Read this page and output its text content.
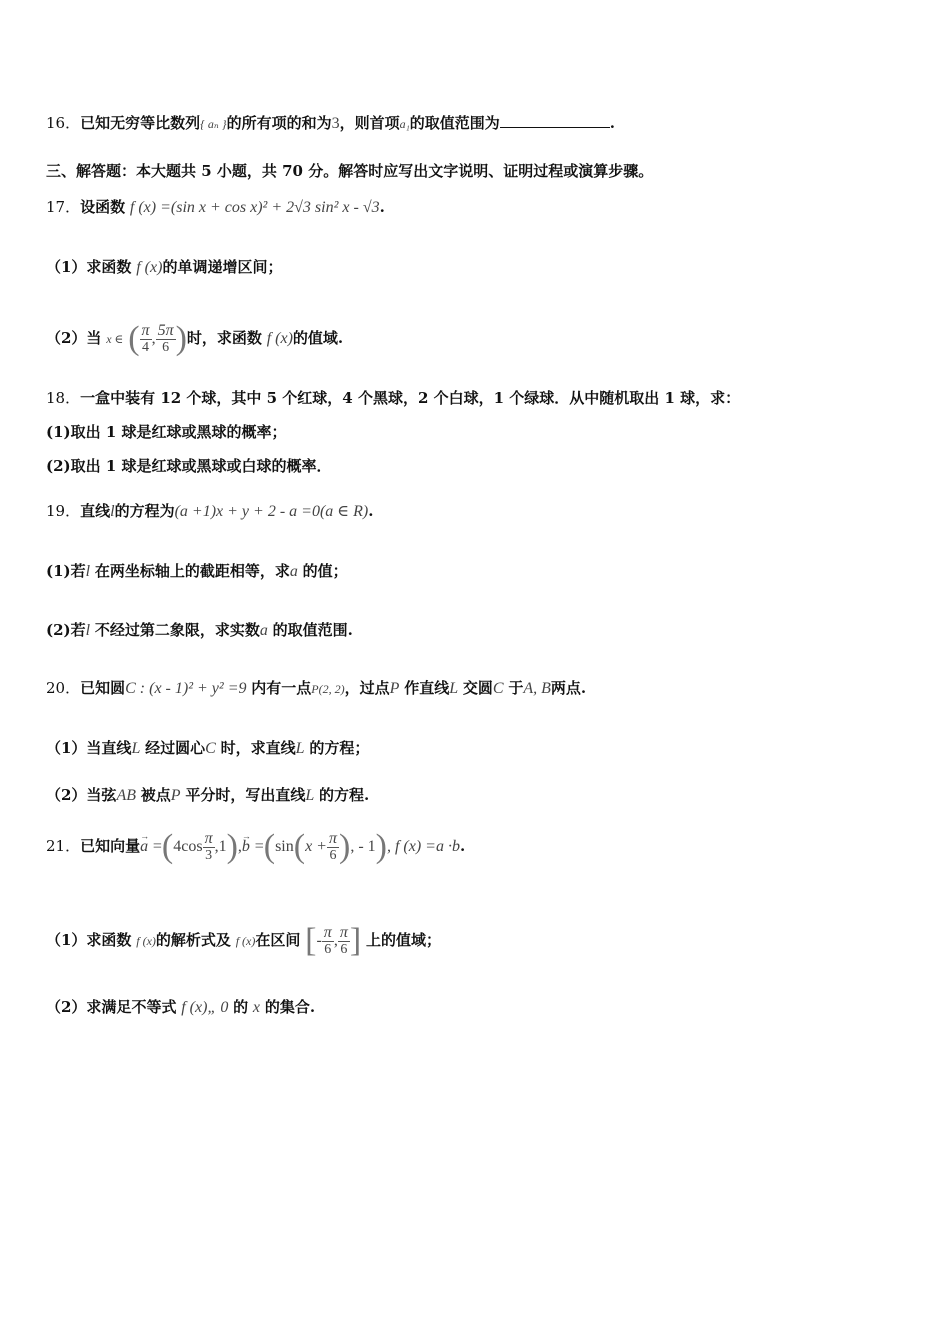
16．已知无穷等比数列{ aₙ }的所有项的和为3，则首项a₁的取值范围为	.
三、解答题：本大题共 5 小题，共 70 分。解答时应写出文字说明、证明过程或演算步骤。
17．设函数 f (x) =(sin x + cos x)² + 2√3 sin² x - √3.
（1）求函数 f (x)的单调递增区间；
（2）当 x ∈ ( $\frac{\pi}{4}$ , $\frac{5\pi}{6}$ )时，求函数 f (x)的值域.
18．一盒中装有 12 个球，其中 5 个红球，4 个黑球，2 个白球，1 个绿球．从中随机取出 1 球，求：
(1)取出 1 球是红球或黑球的概率；
(2)取出 1 球是红球或黑球或白球的概率．
19．直线l的方程为(a +1)x + y + 2 - a =0(a ∈ R).
(1)若l 在两坐标轴上的截距相等，求a 的值；
(2)若l 不经过第二象限，求实数a 的取值范围.
20．已知圆C : (x - 1)² + y² =9 内有一点P(2, 2)，过点P 作直线L 交圆C 于A, B两点.
（1）当直线L 经过圆心C 时，求直线L 的方程；
（2）当弦AB 被点P 平分时，写出直线L 的方程.
21．已知向量→ $a =(4\cos \frac{\pi}{3} ,1),\to b =(\sin(x + \frac{\pi}{6}$ ), - 1), f (x) =a ·b.
（1）求函数 f (x)的解析式及 f (x)在区间 [- $\frac{\pi}{6}$ , $\frac{\pi}{6}$ ] 上的值域；
（2）求满足不等式 f (x)„ 0 的 x 的集合.
